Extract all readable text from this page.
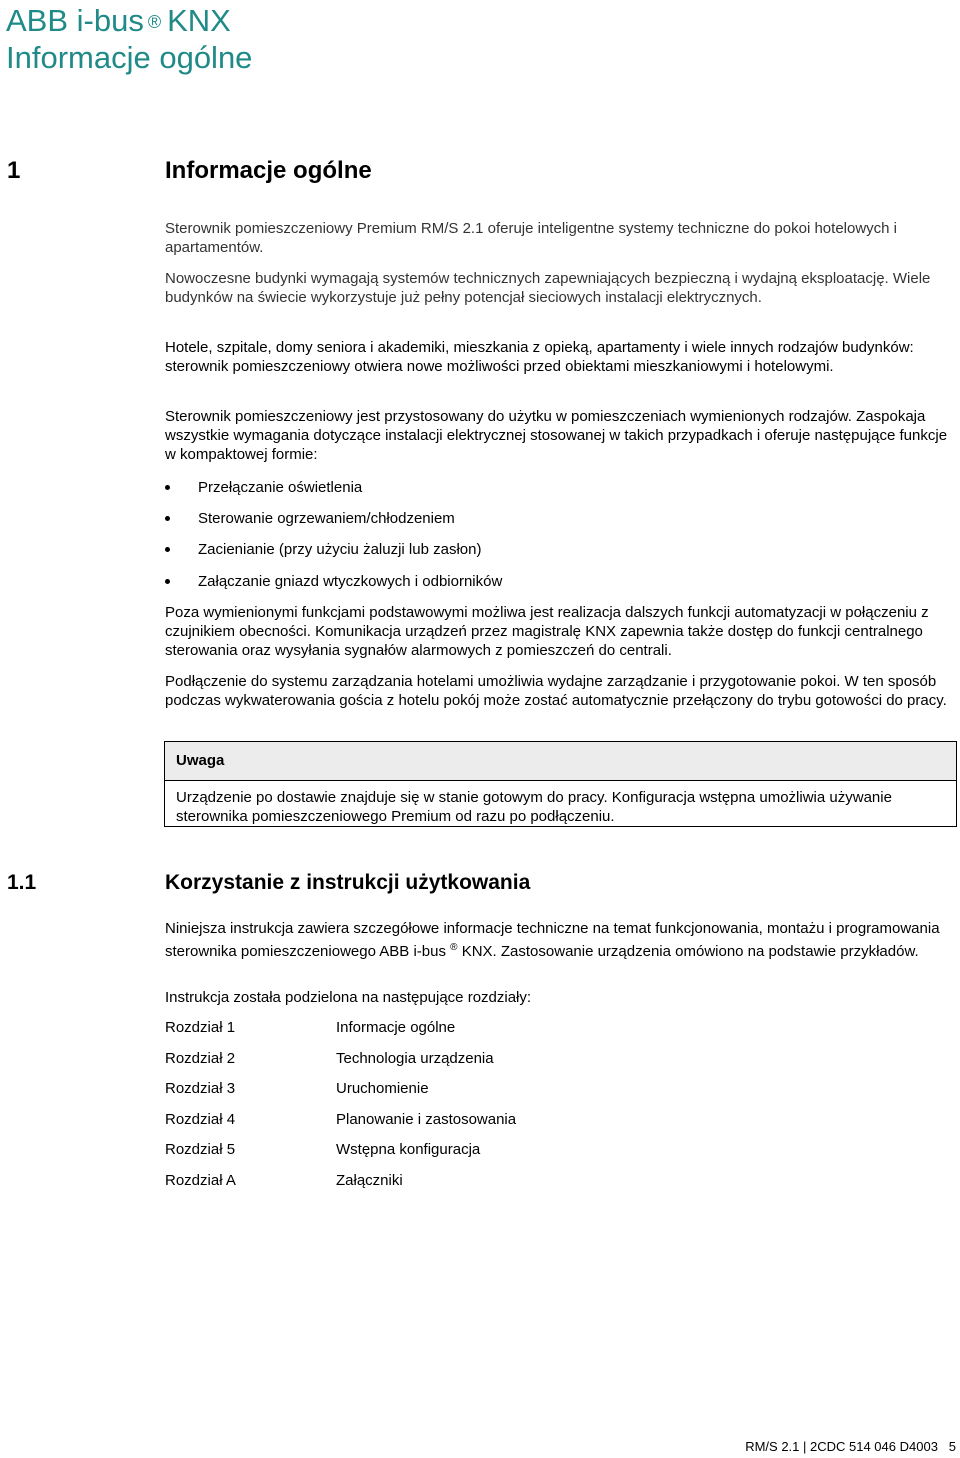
ABB i-bus ® KNX
Informacje ogólne
1	Informacje ogólne

Sterownik pomieszczeniowy Premium RM/S 2.1 oferuje inteligentne systemy techniczne do pokoi hotelowych i apartamentów.

Nowoczesne budynki wymagają systemów technicznych zapewniających bezpieczną i wydajną eksploatację. Wiele budynków na świecie wykorzystuje już pełny potencjał sieciowych instalacji elektrycznych.

Hotele, szpitale, domy seniora i akademiki, mieszkania z opieką, apartamenty i wiele innych rodzajów budynków: sterownik pomieszczeniowy otwiera nowe możliwości przed obiektami mieszkaniowymi i hotelowymi.

Sterownik pomieszczeniowy jest przystosowany do użytku w pomieszczeniach wymienionych rodzajów. Zaspokaja wszystkie wymagania dotyczące instalacji elektrycznej stosowanej w takich przypadkach i oferuje następujące funkcje w kompaktowej formie:

Przełączanie oświetlenia
Sterowanie ogrzewaniem/chłodzeniem
Zacienianie (przy użyciu żaluzji lub zasłon)
Załączanie gniazd wtyczkowych i odbiorników

Poza wymienionymi funkcjami podstawowymi możliwa jest realizacja dalszych funkcji automatyzacji w połączeniu z czujnikiem obecności. Komunikacja urządzeń przez magistralę KNX zapewnia także dostęp do funkcji centralnego sterowania oraz wysyłania sygnałów alarmowych z pomieszczeń do centrali.

Podłączenie do systemu zarządzania hotelami umożliwia wydajne zarządzanie i przygotowanie pokoi. W ten sposób podczas wykwaterowania gościa z hotelu pokój może zostać automatycznie przełączony do trybu gotowości do pracy.

Uwaga
Urządzenie po dostawie znajduje się w stanie gotowym do pracy. Konfiguracja wstępna umożliwia używanie sterownika pomieszczeniowego Premium od razu po podłączeniu.
1.1	Korzystanie z instrukcji użytkowania

Niniejsza instrukcja zawiera szczegółowe informacje techniczne na temat funkcjonowania, montażu i programowania sterownika pomieszczeniowego ABB i-bus ® KNX. Zastosowanie urządzenia omówiono na podstawie przykładów.

Instrukcja została podzielona na następujące rozdziały:

Rozdział 1	Informacje ogólne
Rozdział 2	Technologia urządzenia
Rozdział 3	Uruchomienie
Rozdział 4	Planowanie i zastosowania
Rozdział 5	Wstępna konfiguracja
Rozdział A	Załączniki
RM/S 2.1 | 2CDC 514 046 D4003 5
